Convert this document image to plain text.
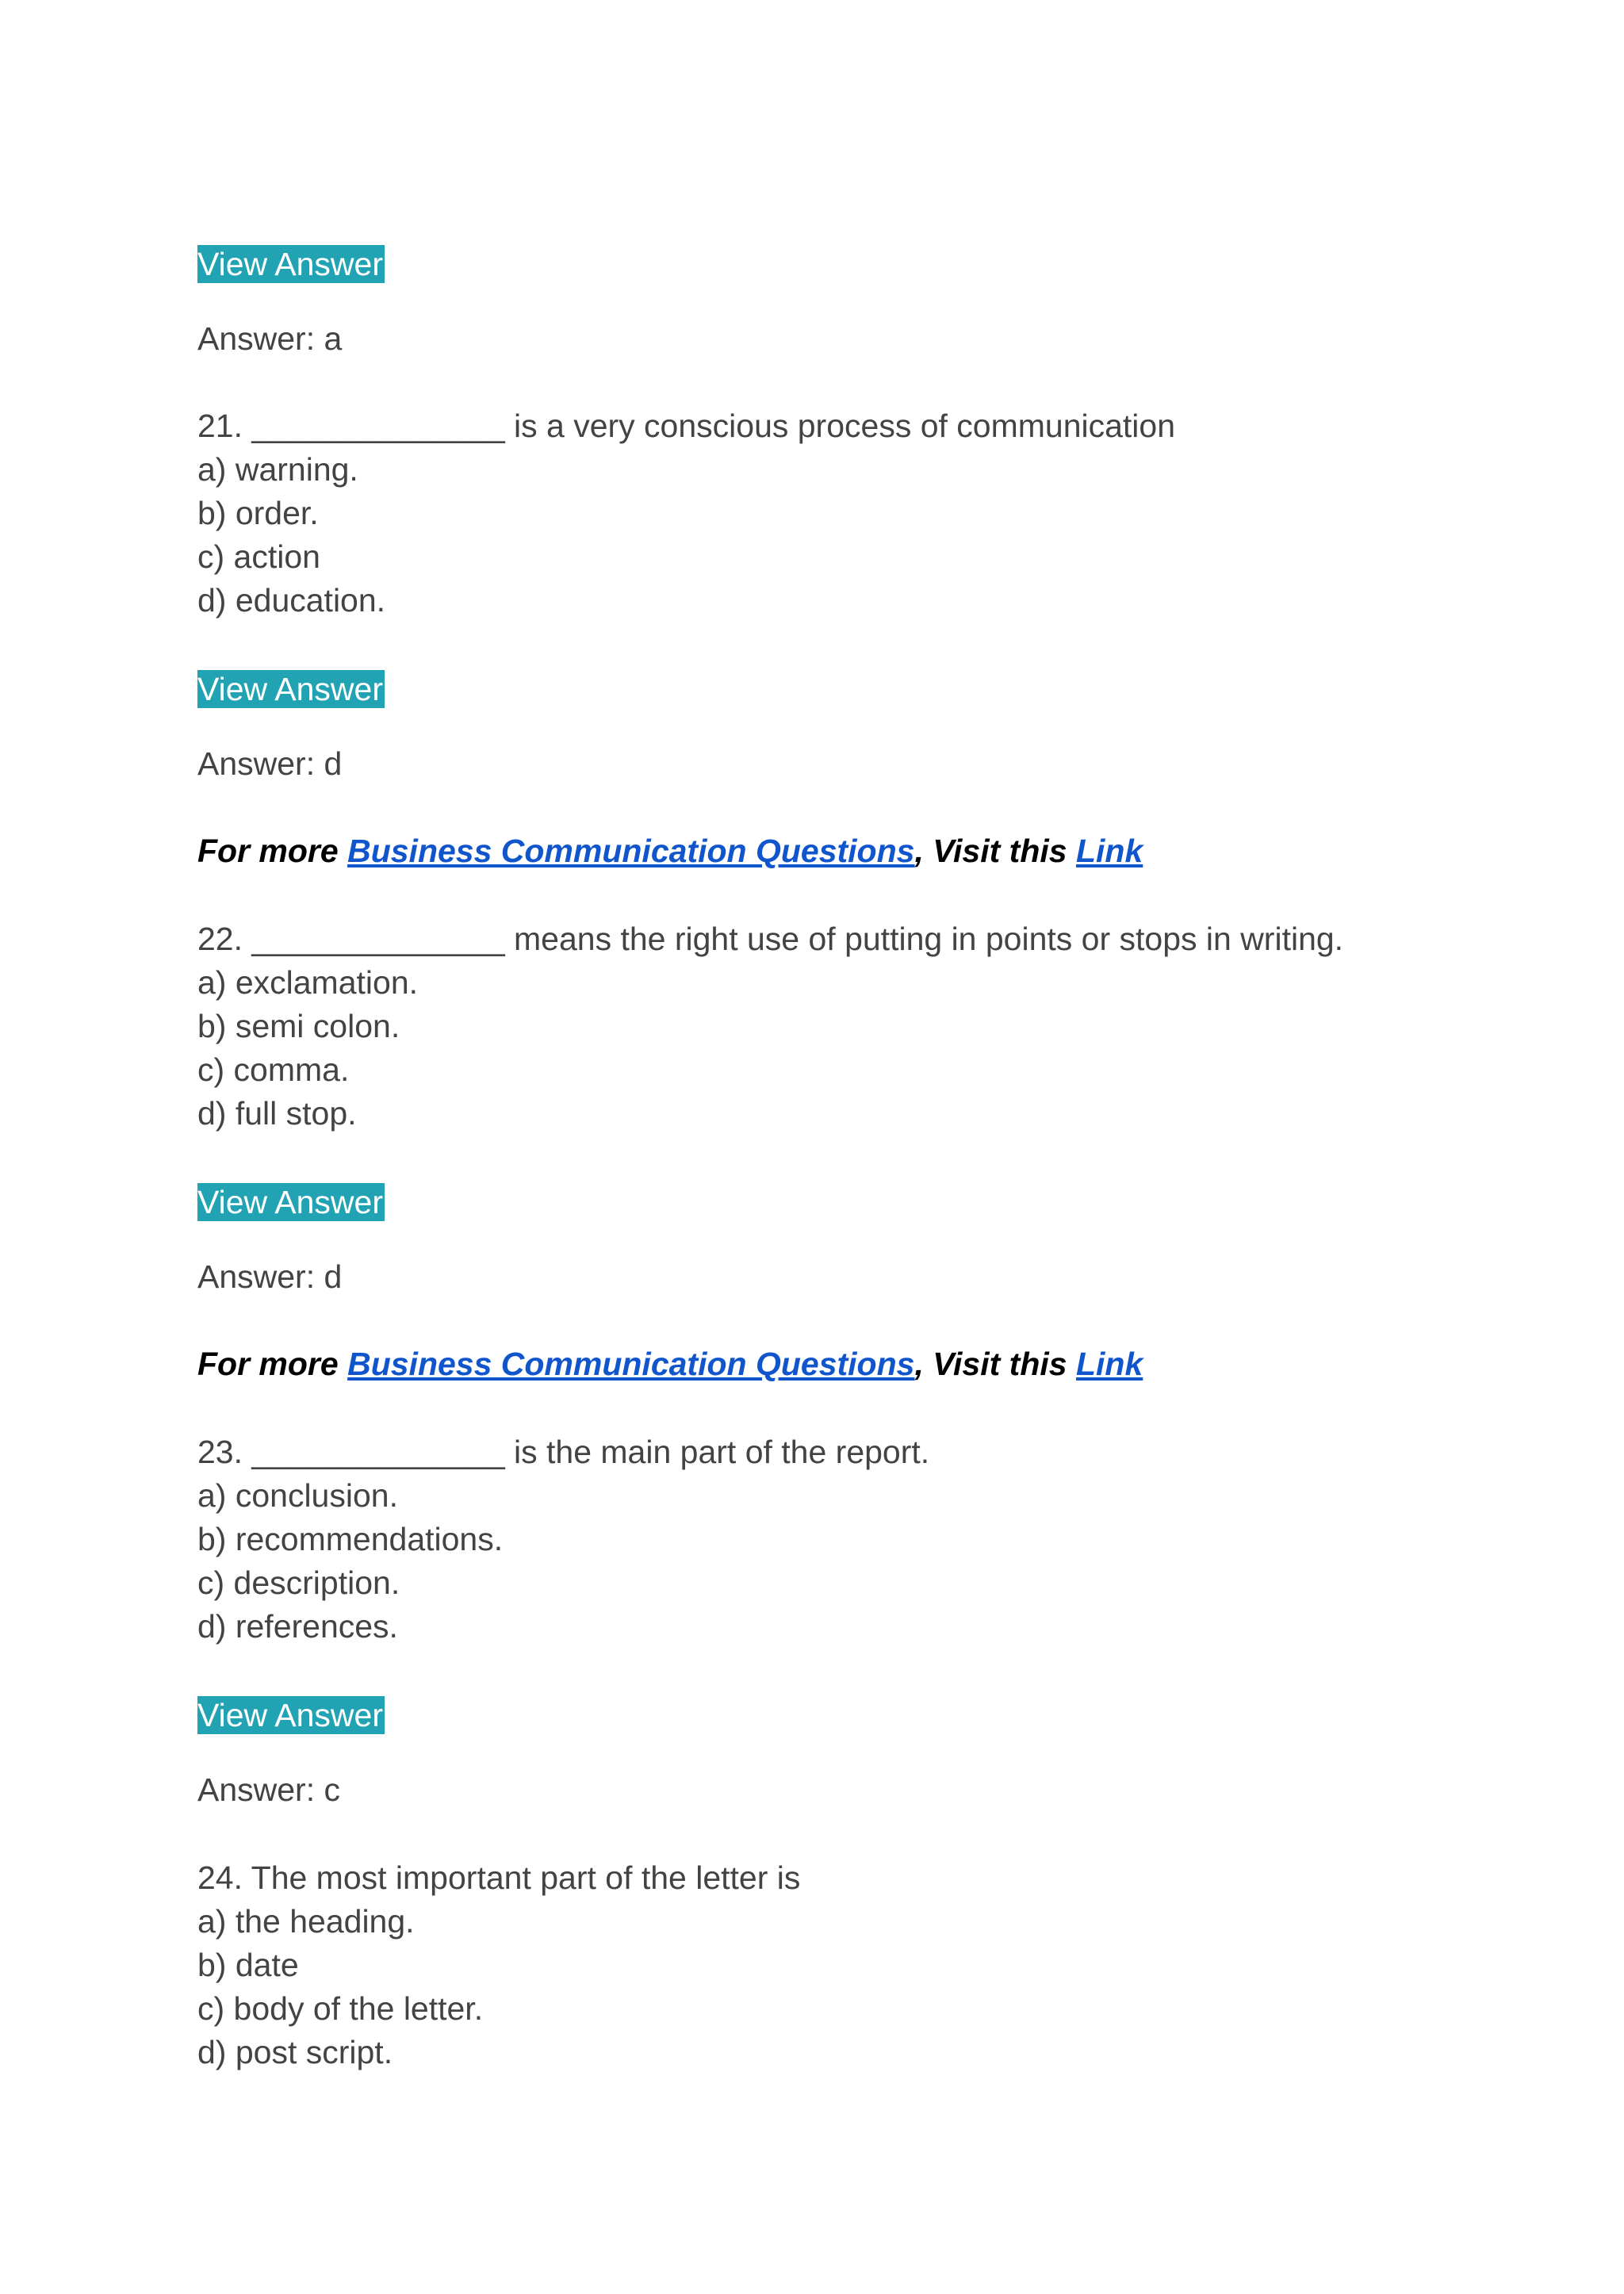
View Answer
Answer: a
21. ______________ is a very conscious process of communication
a) warning.
b) order.
c) action
d) education.
View Answer
Answer: d
For more Business Communication Questions, Visit this Link
22. ______________ means the right use of putting in points or stops in writing.
a) exclamation.
b) semi colon.
c) comma.
d) full stop.
View Answer
Answer: d
For more Business Communication Questions, Visit this Link
23. ______________ is the main part of the report.
a) conclusion.
b) recommendations.
c) description.
d) references.
View Answer
Answer: c
24. The most important part of the letter is
a) the heading.
b) date
c) body of the letter.
d) post script.
